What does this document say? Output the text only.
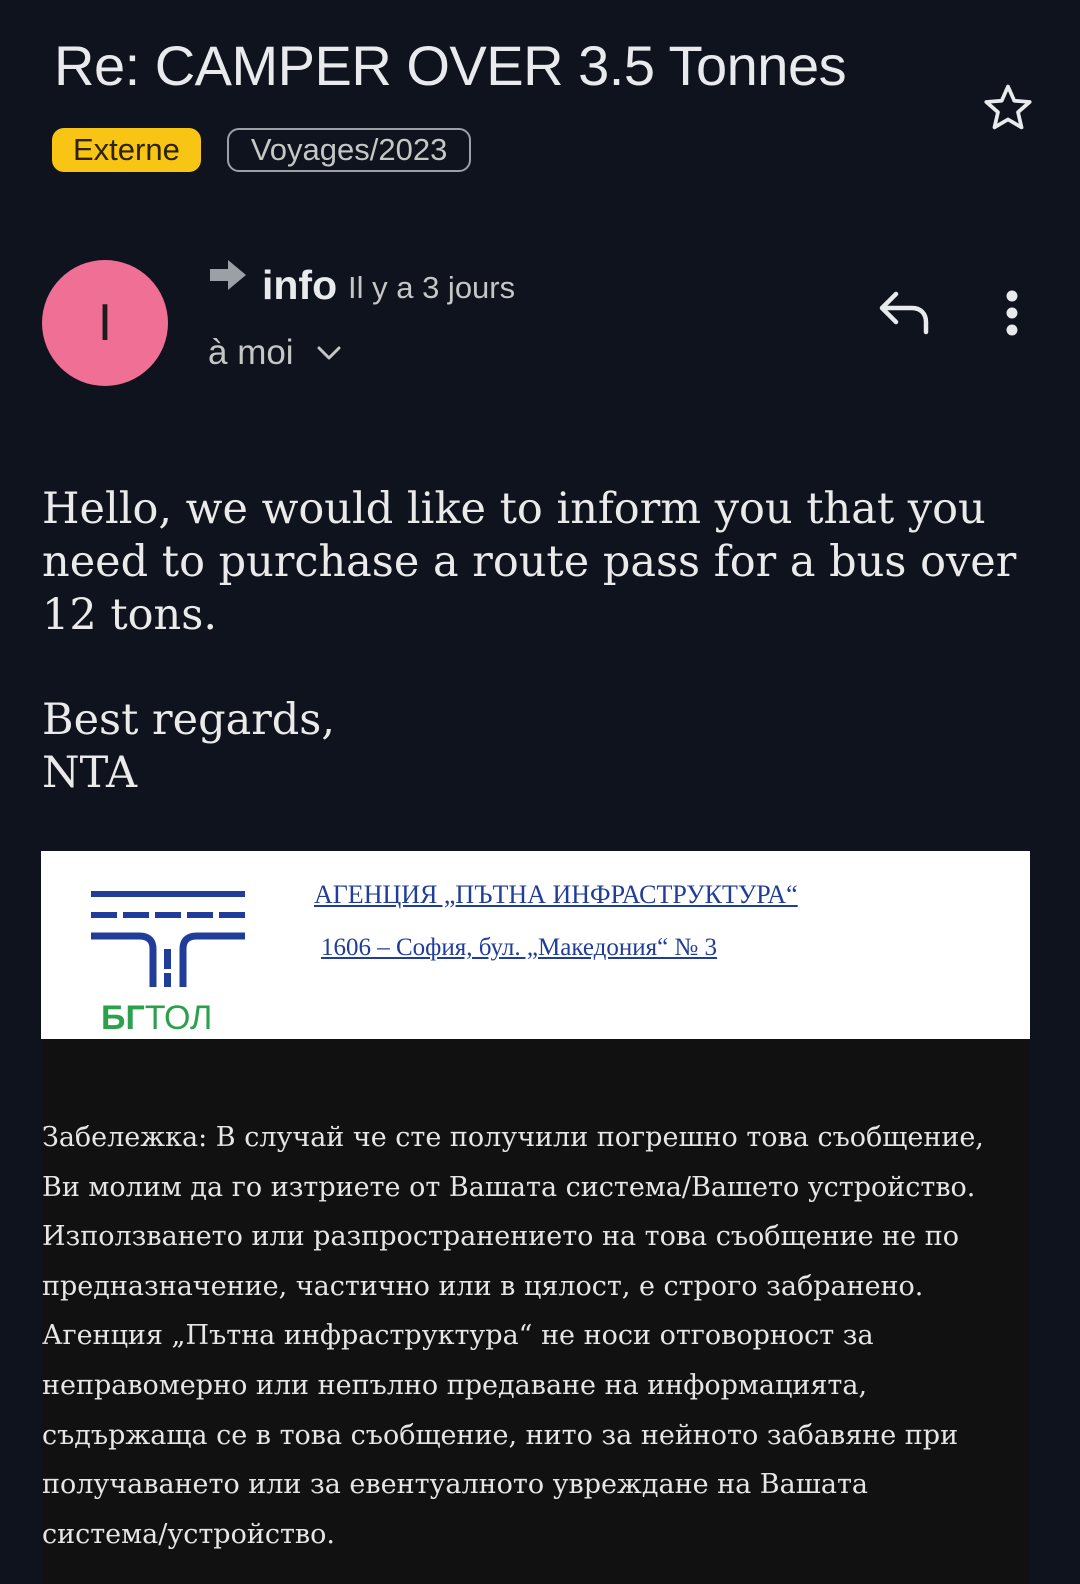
Re: CAMPER OVER 3.5 Tonnes
Externe	Voyages/2023
I
info Il y a 3 jours
à moi

Hello, we would like to inform you that you

need to purchase a route pass for a bus over

12 tons.

Best regards,
NTA
БГТОЛ
АГЕНЦИЯ „ПЪТНА ИНФРАСТРУКТУРА“
1606 – София, бул. „Македония“ № 3
Забележка: В случай че сте получили погрешно това съобщение,
Ви молим да го изтриете от Вашата система/Вашето устройство.
Използването или разпространението на това съобщение не по
предназначение, частично или в цялост, е строго забранено.
Агенция „Пътна инфраструктура“ не носи отговорност за
неправомерно или непълно предаване на информацията,
съдържаща се в това съобщение, нито за нейното забавяне при
получаването или за евентуалното увреждане на Вашата
система/устройство.
